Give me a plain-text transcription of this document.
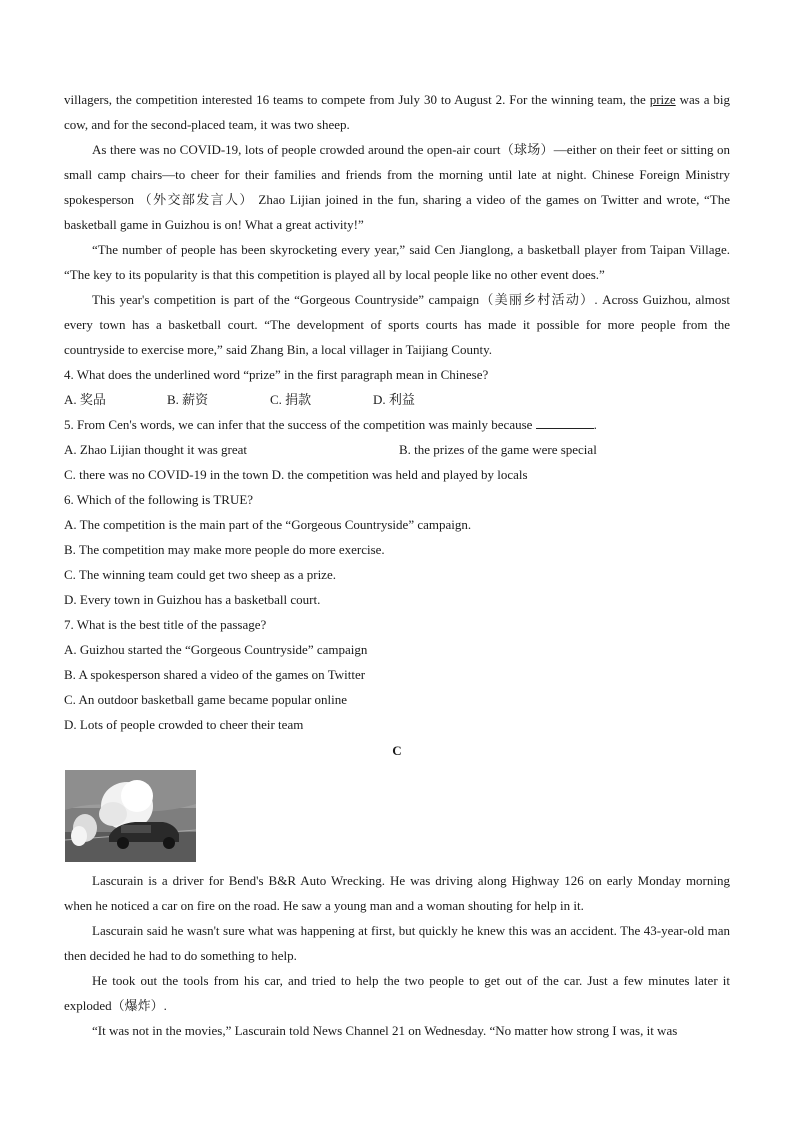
villagers, the competition interested 16 teams to compete from July 30 to August 2. For the winning team, the prize was a big cow, and for the second-placed team, it was two sheep.

As there was no COVID-19, lots of people crowded around the open-air court（球场）—either on their feet or sitting on small camp chairs—to cheer for their families and friends from the morning until late at night. Chinese Foreign Ministry spokesperson （外交部发言人） Zhao Lijian joined in the fun, sharing a video of the games on Twitter and wrote, “The basketball game in Guizhou is on! What a great activity!”

“The number of people has been skyrocketing every year,” said Cen Jianglong, a basketball player from Taipan Village. “The key to its popularity is that this competition is played all by local people like no other event does.”

This year's competition is part of the “Gorgeous Countryside” campaign（美丽乡村活动）. Across Guizhou, almost every town has a basketball court. “The development of sports courts has made it possible for more people from the countryside to exercise more,” said Zhang Bin, a local villager in Taijiang County.

4. What does the underlined word “prize” in the first paragraph mean in Chinese?
A. 奖品	B. 薪资	C. 捐款	D. 利益
5. From Cen's words, we can infer that the success of the competition was mainly because	.
A. Zhao Lijian thought it was great	B. the prizes of the game were special
C. there was no COVID-19 in the town D. the competition was held and played by locals
6. Which of the following is TRUE?
A. The competition is the main part of the “Gorgeous Countryside” campaign.
B. The competition may make more people do more exercise.
C. The winning team could get two sheep as a prize.
D. Every town in Guizhou has a basketball court.
7. What is the best title of the passage?
A. Guizhou started the “Gorgeous Countryside” campaign
B. A spokesperson shared a video of the games on Twitter
C. An outdoor basketball game became popular online
D. Lots of people crowded to cheer their team
C

Lascurain is a driver for Bend's B&R Auto Wrecking. He was driving along Highway 126 on early Monday morning when he noticed a car on fire on the road. He saw a young man and a woman shouting for help in it.

Lascurain said he wasn't sure what was happening at first, but quickly he knew this was an accident. The 43-year-old man then decided he had to do something to help.

He took out the tools from his car, and tried to help the two people to get out of the car. Just a few minutes later it exploded（爆炸）.

“It was not in the movies,” Lascurain told News Channel 21 on Wednesday. “No matter how strong I was, it was
